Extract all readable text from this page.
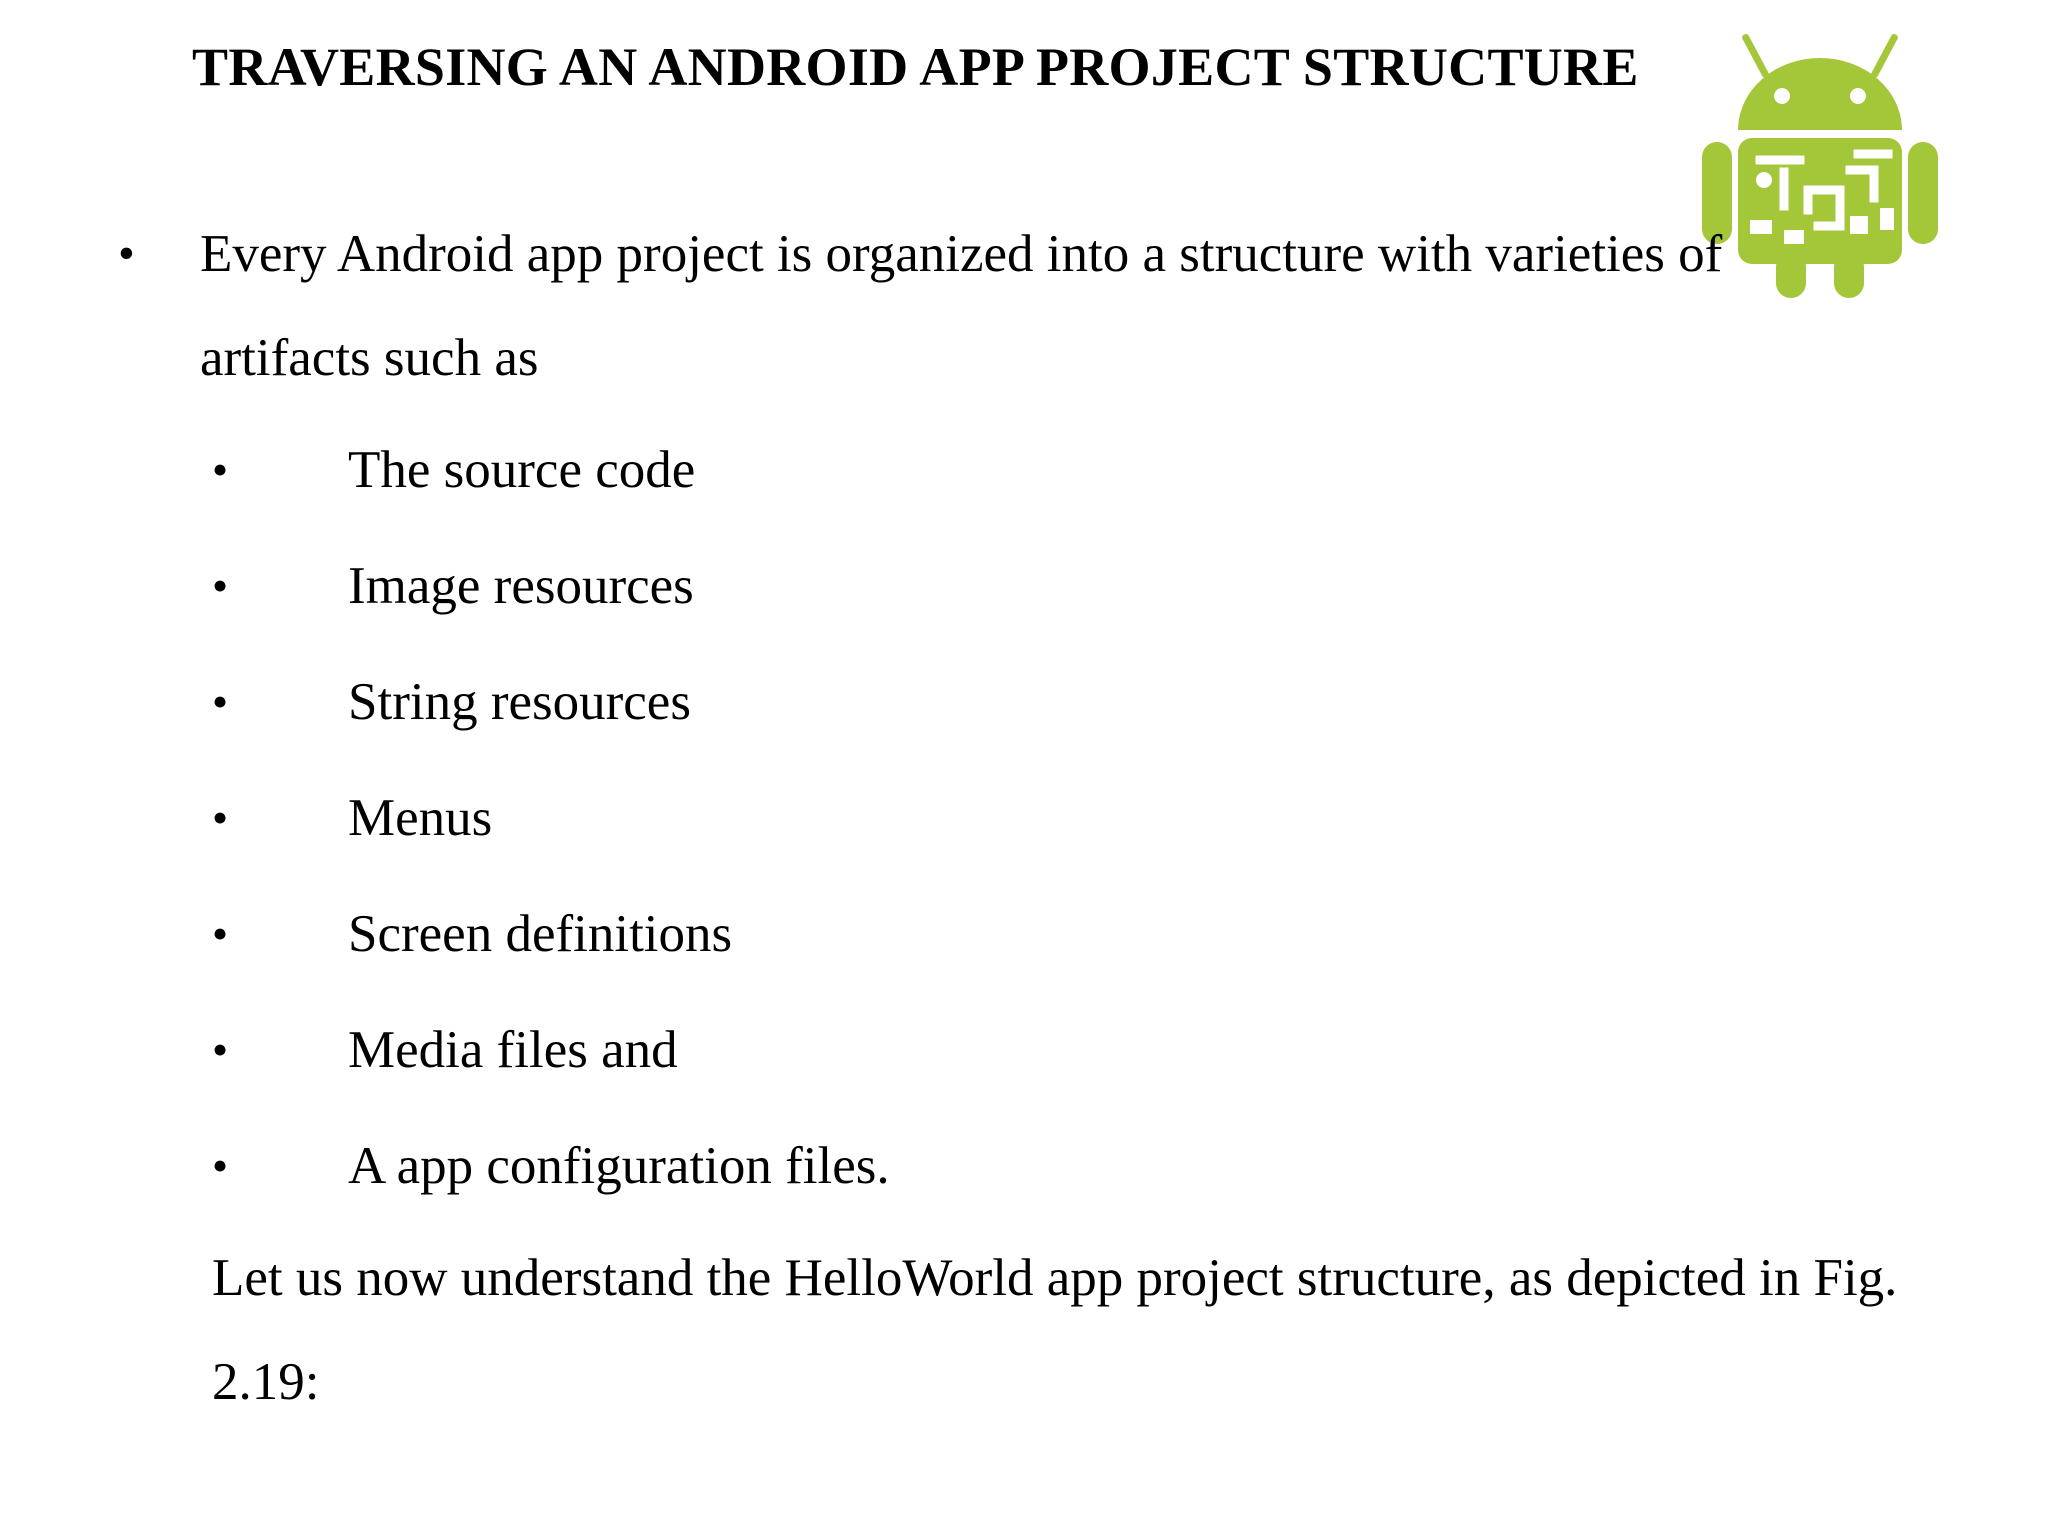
TRAVERSING AN ANDROID APP PROJECT STRUCTURE
• Every Android app project is organized into a structure with varieties of artifacts such as
• The source code
• Image resources
• String resources
• Menus
• Screen definitions
• Media files and
• A app configuration files.
Let us now understand the HelloWorld app project structure, as depicted in Fig. 2.19:
